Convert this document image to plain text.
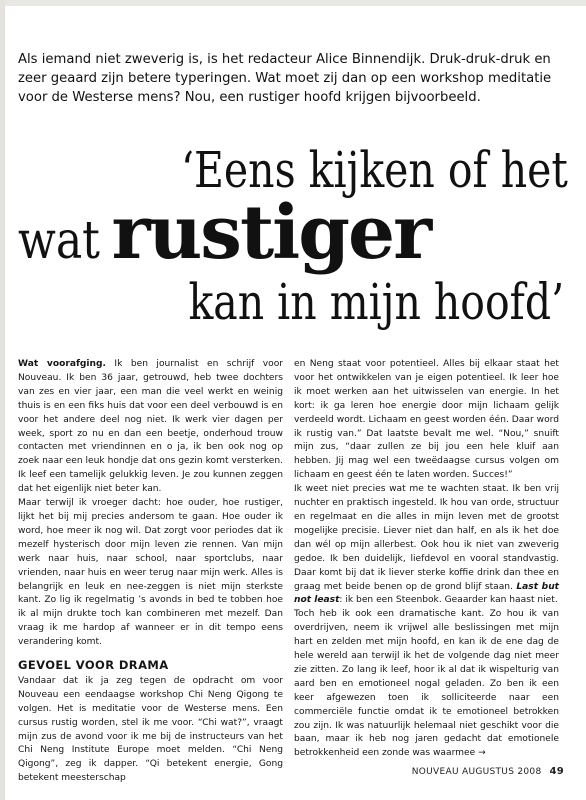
Als iemand niet zweverig is, is het redacteur Alice Binnendijk. Druk-druk-druk en zeer geaard zijn betere typeringen. Wat moet zij dan op een workshop meditatie voor de Westerse mens? Nou, een rustiger hoofd krijgen bijvoorbeeld.
‘Eens kijken of het
wat rustiger
kan in mijn hoofd’

Wat voorafging. Ik ben journalist en schrijf voor Nouveau. Ik ben 36 jaar, getrouwd, heb twee dochters van zes en vier jaar, een man die veel werkt en weinig thuis is en een fiks huis dat voor een deel verbouwd is en voor het andere deel nog niet. Ik werk vier dagen per week, sport zo nu en dan een beetje, onderhoud trouw contacten met vriendinnen en o ja, ik ben ook nog op zoek naar een leuk hondje dat ons gezin komt versterken. Ik leef een tamelijk gelukkig leven. Je zou kunnen zeggen dat het eigenlijk niet beter kan.

Maar terwijl ik vroeger dacht: hoe ouder, hoe rustiger, lijkt het bij mij precies andersom te gaan. Hoe ouder ik word, hoe meer ik nog wil. Dat zorgt voor periodes dat ik mezelf hysterisch door mijn leven zie rennen. Van mijn werk naar huis, naar school, naar sportclubs, naar vrienden, naar huis en weer terug naar mijn werk. Alles is belangrijk en leuk en nee-zeggen is niet mijn sterkste kant. Zo lig ik regelmatig ’s avonds in bed te tobben hoe ik al mijn drukte toch kan combineren met mezelf. Dan vraag ik me hardop af wanneer er in dit tempo eens verandering komt.

GEVOEL VOOR DRAMA

Vandaar dat ik ja zeg tegen de opdracht om voor Nouveau een eendaagse workshop Chi Neng Qigong te volgen. Het is meditatie voor de Westerse mens. Een cursus rustig worden, stel ik me voor. “Chi wat?”, vraagt mijn zus de avond voor ik me bij de instructeurs van het Chi Neng Institute Europe moet melden. “Chi Neng Qigong”, zeg ik dapper. “Qi betekent energie, Gong betekent meesterschap

en Neng staat voor potentieel. Alles bij elkaar staat het voor het ontwikkelen van je eigen potentieel. Ik leer hoe ik moet werken aan het uitwisselen van energie. In het kort: ik ga leren hoe energie door mijn lichaam gelijk verdeeld wordt. Lichaam en geest worden één. Daar word ik rustig van.” Dat laatste bevalt me wel. “Nou,” snuift mijn zus, “daar zullen ze bij jou een hele kluif aan hebben. Jij mag wel een tweëdaagse cursus volgen om lichaam en geest één te laten worden. Succes!”

Ik weet niet precies wat me te wachten staat. Ik ben vrij nuchter en praktisch ingesteld. Ik hou van orde, structuur en regelmaat en die alles in mijn leven met de grootst mogelijke precisie. Liever niet dan half, en als ik het doe dan wél op mijn allerbest. Ook hou ik niet van zweverig gedoe. Ik ben duidelijk, liefdevol en vooral standvastig. Daar komt bij dat ik liever sterke koffie drink dan thee en graag met beide benen op de grond blijf staan. Last but not least: ik ben een Steenbok. Geaarder kan haast niet.

Toch heb ik ook een dramatische kant. Zo hou ik van overdrijven, neem ik vrijwel alle beslissingen met mijn hart en zelden met mijn hoofd, en kan ik de ene dag de hele wereld aan terwijl ik het de volgende dag niet meer zie zitten. Zo lang ik leef, hoor ik al dat ik wispelturig van aard ben en emotioneel nogal geladen. Zo ben ik een keer afgewezen toen ik solliciteerde naar een commerciële functie omdat ik te emotioneel betrokken zou zijn. Ik was natuurlijk helemaal niet geschikt voor die baan, maar ik heb nog jaren gedacht dat emotionele betrokkenheid een zonde was waarmee →

NOUVEAU AUGUSTUS 2008 49
